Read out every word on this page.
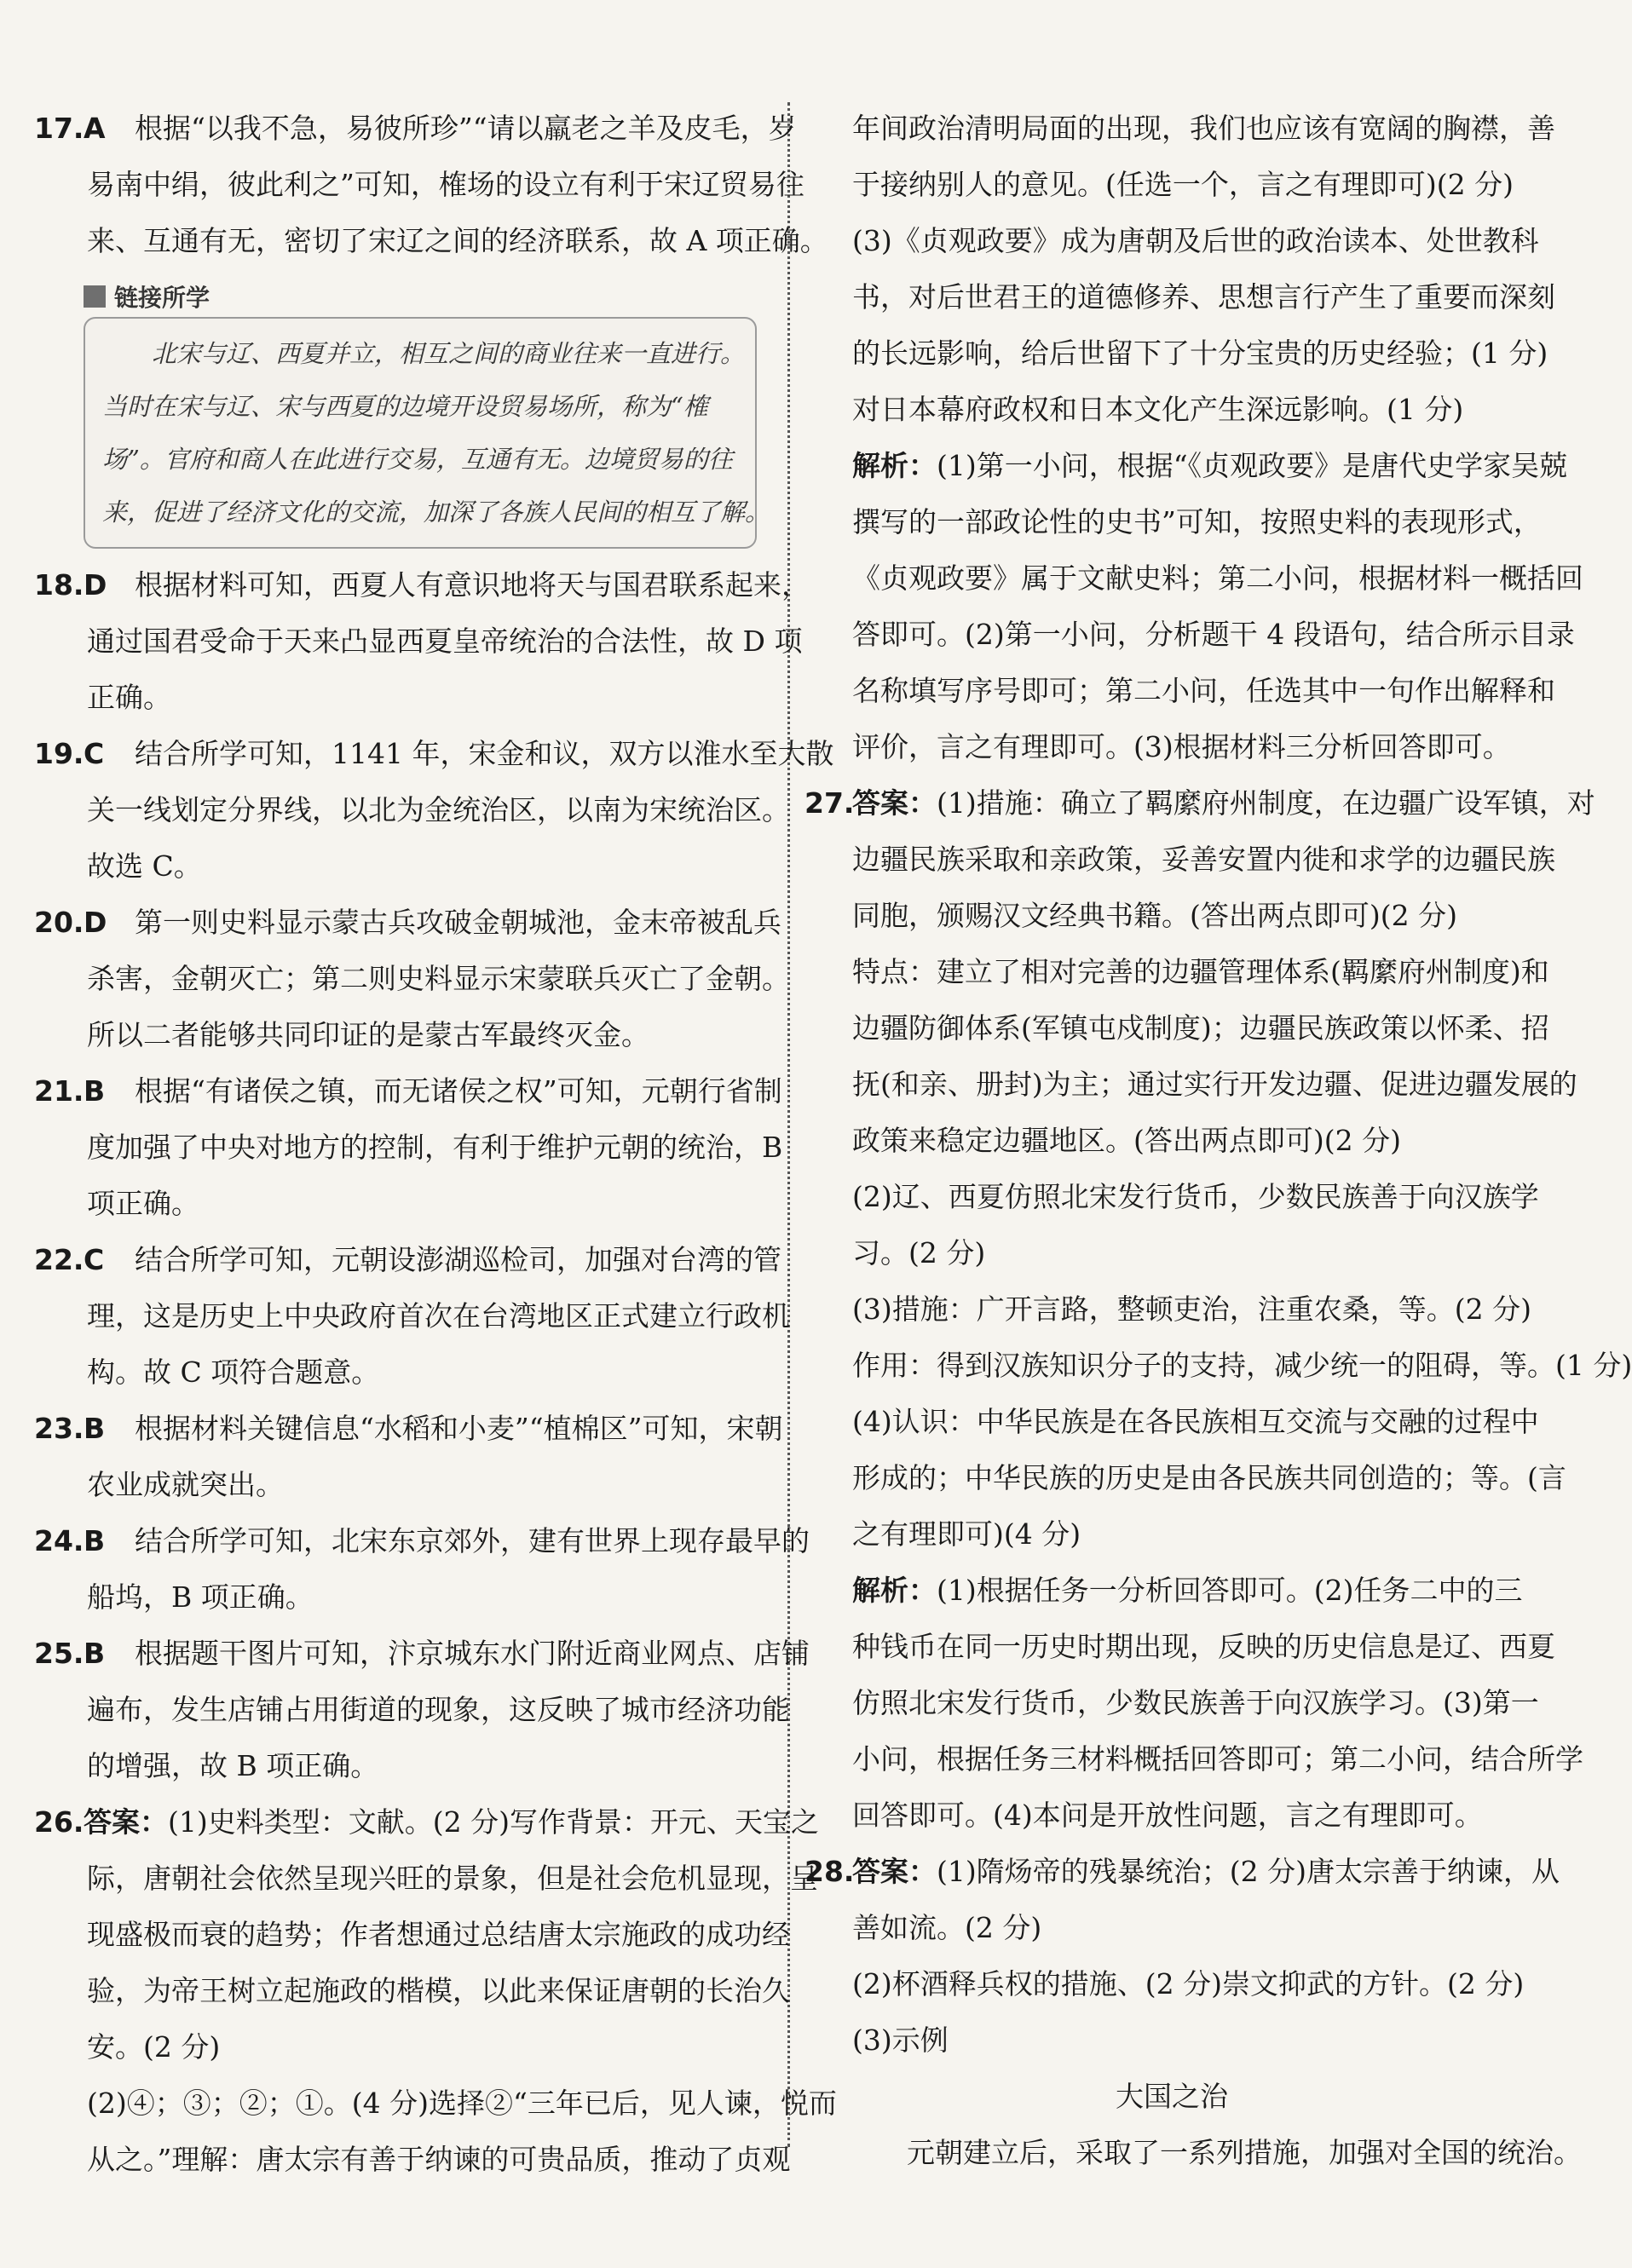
17.A 根据“以我不急，易彼所珍”“请以羸老之羊及皮毛，岁
易南中绢，彼此利之”可知，榷场的设立有利于宋辽贸易往
来、互通有无，密切了宋辽之间的经济联系，故 A 项正确。
链接所学
北宋与辽、西夏并立，相互之间的商业往来一直进行。
当时在宋与辽、宋与西夏的边境开设贸易场所，称为“榷
场”。官府和商人在此进行交易，互通有无。边境贸易的往
来，促进了经济文化的交流，加深了各族人民间的相互了解。
18.D 根据材料可知，西夏人有意识地将天与国君联系起来，
通过国君受命于天来凸显西夏皇帝统治的合法性，故 D 项
正确。
19.C 结合所学可知，1141 年，宋金和议，双方以淮水至大散
关一线划定分界线，以北为金统治区，以南为宋统治区。
故选 C。
20.D 第一则史料显示蒙古兵攻破金朝城池，金末帝被乱兵
杀害，金朝灭亡；第二则史料显示宋蒙联兵灭亡了金朝。
所以二者能够共同印证的是蒙古军最终灭金。
21.B 根据“有诸侯之镇，而无诸侯之权”可知，元朝行省制
度加强了中央对地方的控制，有利于维护元朝的统治，B
项正确。
22.C 结合所学可知，元朝设澎湖巡检司，加强对台湾的管
理，这是历史上中央政府首次在台湾地区正式建立行政机
构。故 C 项符合题意。
23.B 根据材料关键信息“水稻和小麦”“植棉区”可知，宋朝
农业成就突出。
24.B 结合所学可知，北宋东京郊外，建有世界上现存最早的
船坞，B 项正确。
25.B 根据题干图片可知，汴京城东水门附近商业网点、店铺
遍布，发生店铺占用街道的现象，这反映了城市经济功能
的增强，故 B 项正确。
26.答案：(1)史料类型：文献。(2 分)写作背景：开元、天宝之
际，唐朝社会依然呈现兴旺的景象，但是社会危机显现，呈
现盛极而衰的趋势；作者想通过总结唐太宗施政的成功经
验，为帝王树立起施政的楷模，以此来保证唐朝的长治久
安。(2 分)
(2)④；③；②；①。(4 分)选择②“三年已后，见人谏，悦而
从之。”理解：唐太宗有善于纳谏的可贵品质，推动了贞观
年间政治清明局面的出现，我们也应该有宽阔的胸襟，善
于接纳别人的意见。(任选一个，言之有理即可)(2 分)
(3)《贞观政要》成为唐朝及后世的政治读本、处世教科
书，对后世君王的道德修养、思想言行产生了重要而深刻
的长远影响，给后世留下了十分宝贵的历史经验；(1 分)
对日本幕府政权和日本文化产生深远影响。(1 分)
解析：(1)第一小问，根据“《贞观政要》是唐代史学家吴兢
撰写的一部政论性的史书”可知，按照史料的表现形式，
《贞观政要》属于文献史料；第二小问，根据材料一概括回
答即可。(2)第一小问，分析题干 4 段语句，结合所示目录
名称填写序号即可；第二小问，任选其中一句作出解释和
评价，言之有理即可。(3)根据材料三分析回答即可。
27.答案：(1)措施：确立了羁縻府州制度，在边疆广设军镇，对
边疆民族采取和亲政策，妥善安置内徙和求学的边疆民族
同胞，颁赐汉文经典书籍。(答出两点即可)(2 分)
特点：建立了相对完善的边疆管理体系(羁縻府州制度)和
边疆防御体系(军镇屯戍制度)；边疆民族政策以怀柔、招
抚(和亲、册封)为主；通过实行开发边疆、促进边疆发展的
政策来稳定边疆地区。(答出两点即可)(2 分)
(2)辽、西夏仿照北宋发行货币，少数民族善于向汉族学
习。(2 分)
(3)措施：广开言路，整顿吏治，注重农桑，等。(2 分)
作用：得到汉族知识分子的支持，减少统一的阻碍，等。(1 分)
(4)认识：中华民族是在各民族相互交流与交融的过程中
形成的；中华民族的历史是由各民族共同创造的；等。(言
之有理即可)(4 分)
解析：(1)根据任务一分析回答即可。(2)任务二中的三
种钱币在同一历史时期出现，反映的历史信息是辽、西夏
仿照北宋发行货币，少数民族善于向汉族学习。(3)第一
小问，根据任务三材料概括回答即可；第二小问，结合所学
回答即可。(4)本问是开放性问题，言之有理即可。
28.答案：(1)隋炀帝的残暴统治；(2 分)唐太宗善于纳谏，从
善如流。(2 分)
(2)杯酒释兵权的措施、(2 分)崇文抑武的方针。(2 分)
(3)示例
大国之治
元朝建立后，采取了一系列措施，加强对全国的统治。
